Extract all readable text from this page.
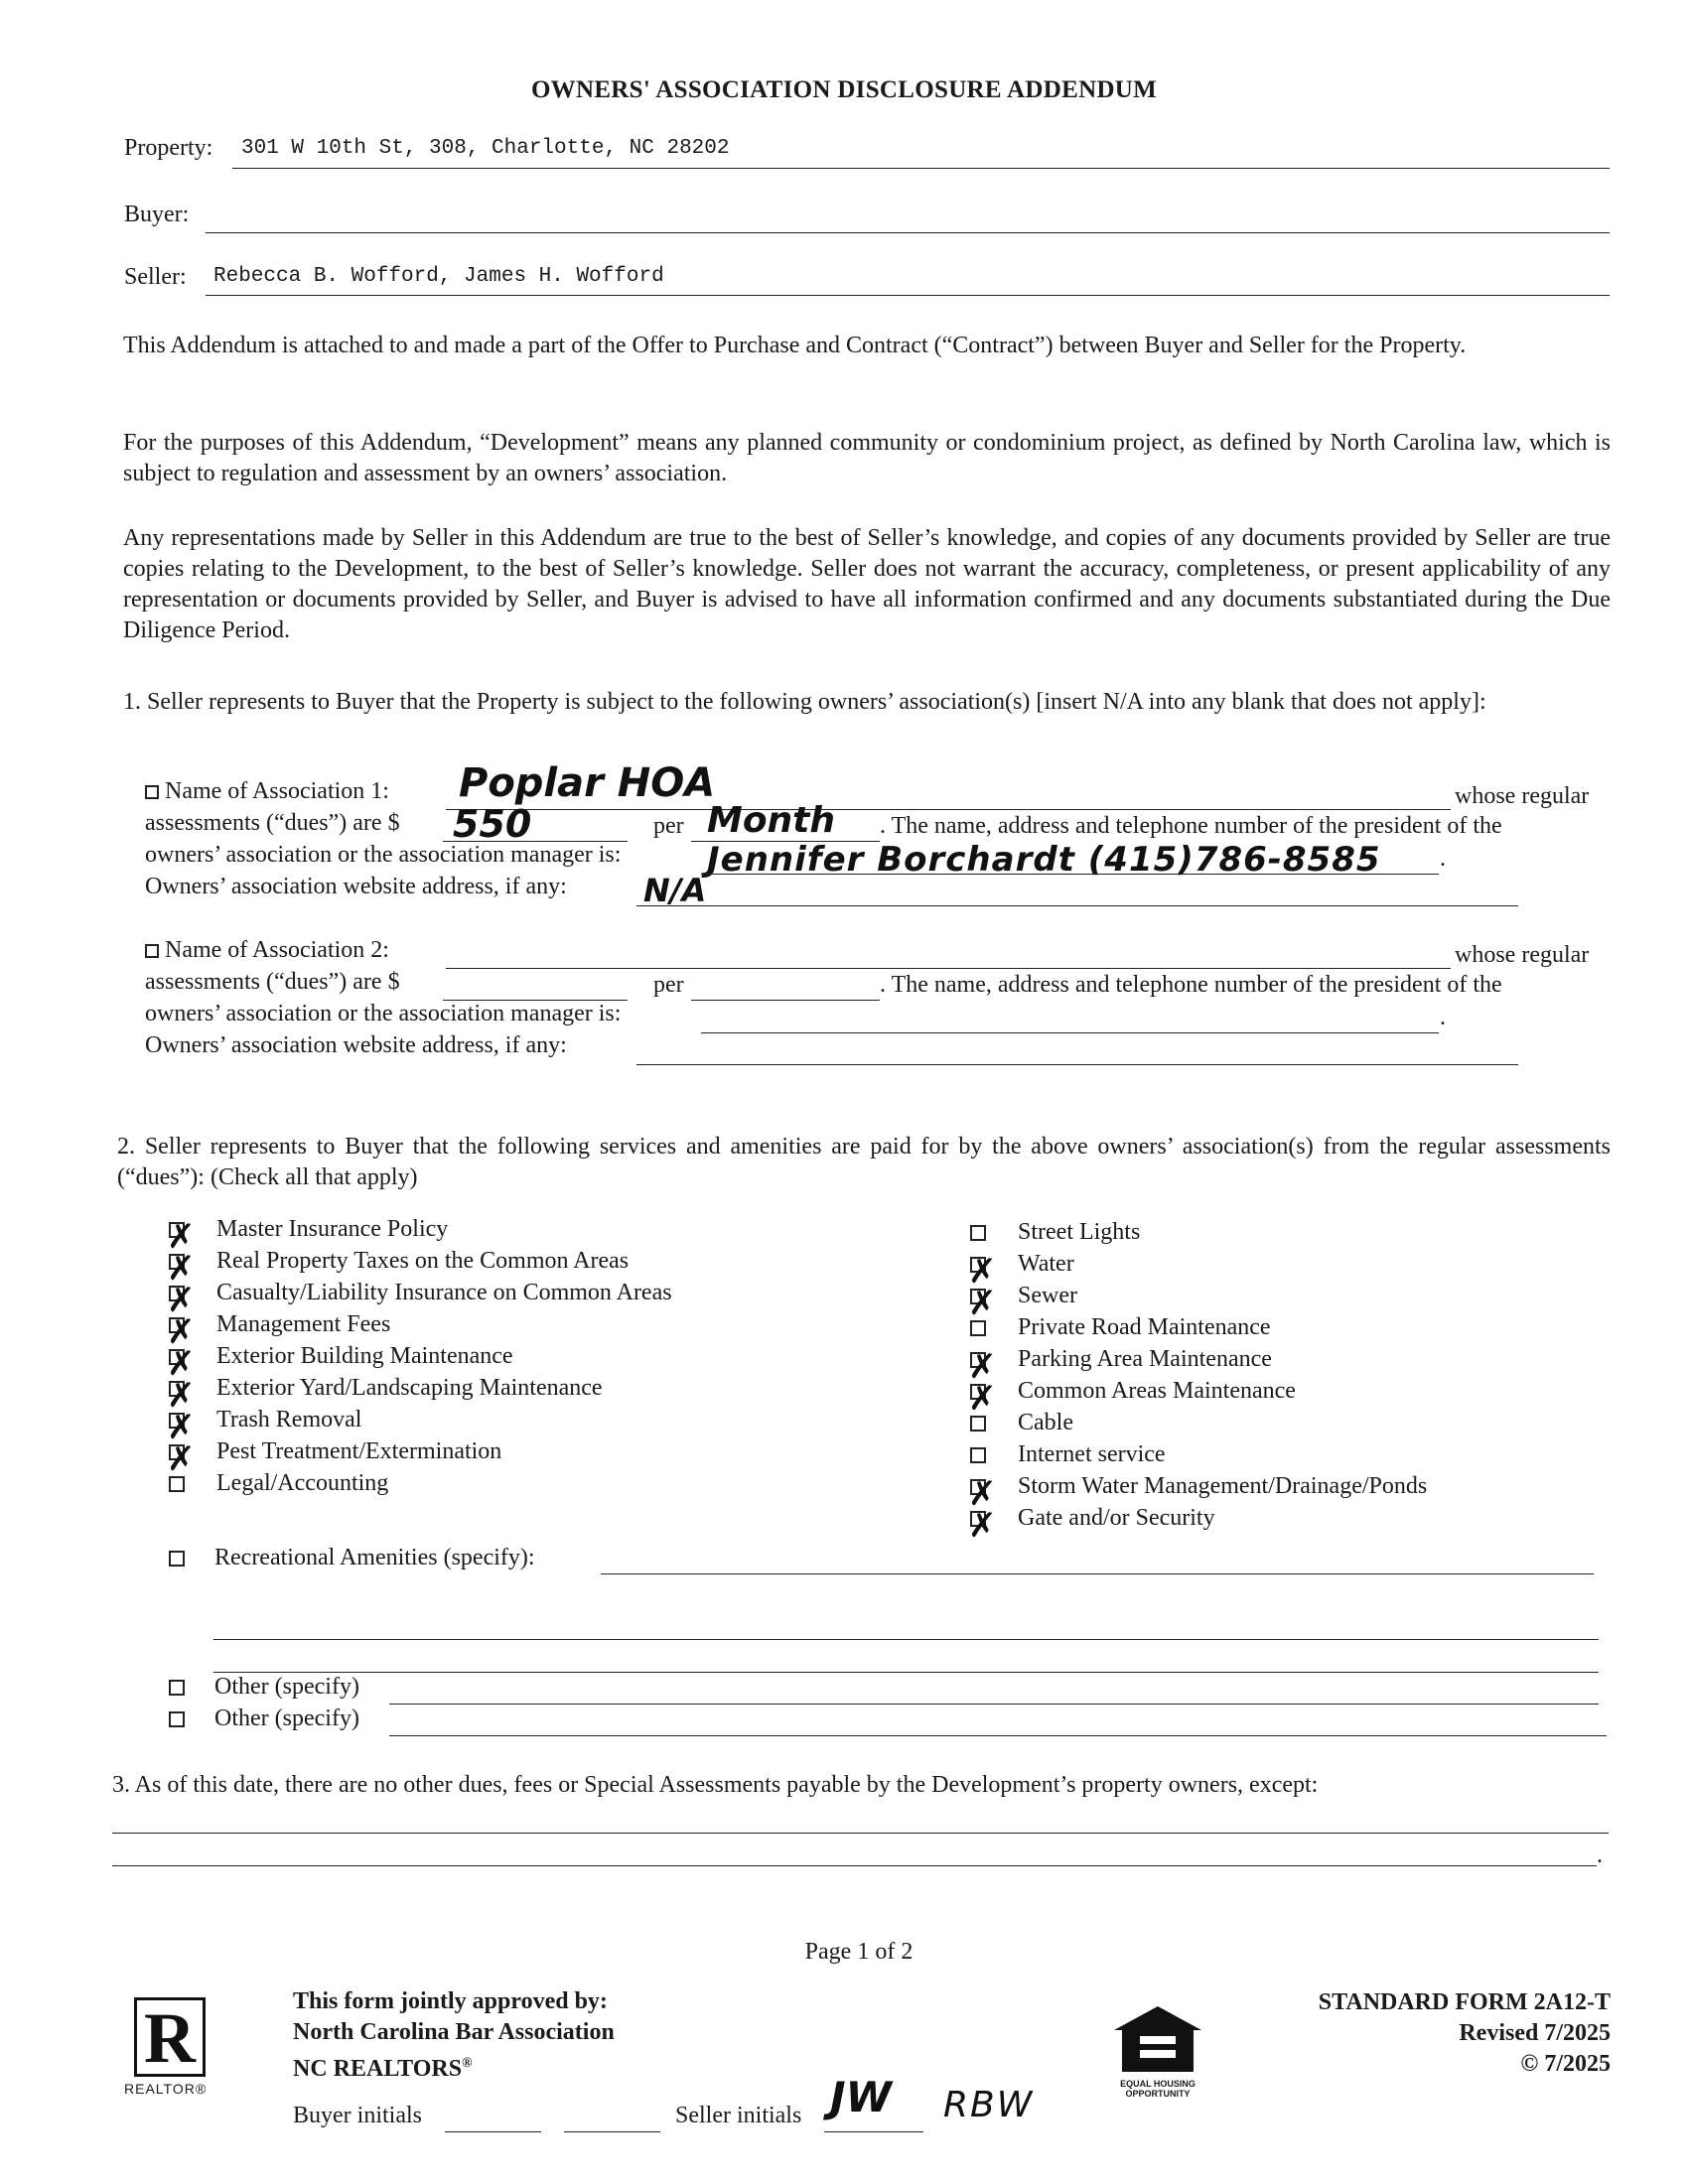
OWNERS' ASSOCIATION DISCLOSURE ADDENDUM
Property: 301 W 10th St, 308, Charlotte, NC 28202
Buyer:
Seller: Rebecca B. Wofford, James H. Wofford
This Addendum is attached to and made a part of the Offer to Purchase and Contract (“Contract”) between Buyer and Seller for the Property.
For the purposes of this Addendum, “Development” means any planned community or condominium project, as defined by North Carolina law, which is subject to regulation and assessment by an owners’ association.
Any representations made by Seller in this Addendum are true to the best of Seller’s knowledge, and copies of any documents provided by Seller are true copies relating to the Development, to the best of Seller’s knowledge. Seller does not warrant the accuracy, completeness, or present applicability of any representation or documents provided by Seller, and Buyer is advised to have all information confirmed and any documents substantiated during the Due Diligence Period.
1. Seller represents to Buyer that the Property is subject to the following owners’ association(s) [insert N/A into any blank that does not apply]:
Name of Association 1: Poplar HOA	whose regular
assessments (“dues”) are $ 550	per Month . The name, address and telephone number of the president of the
owners’ association or the association manager is:	Jennifer Borchardt (415)786-8585 .
Owners’ association website address, if any: N/A
Name of Association 2:	whose regular
assessments (“dues”) are $	per	. The name, address and telephone number of the president of the
owners’ association or the association manager is:	.
Owners’ association website address, if any:
2. Seller represents to Buyer that the following services and amenities are paid for by the above owners’ association(s) from the regular assessments (“dues”): (Check all that apply)
✗ Master Insurance Policy
✗ Real Property Taxes on the Common Areas
✗ Casualty/Liability Insurance on Common Areas
✗ Management Fees
✗ Exterior Building Maintenance
✗ Exterior Yard/Landscaping Maintenance
✗ Trash Removal
✗ Pest Treatment/Extermination
Legal/Accounting
Street Lights
✗ Water
✗ Sewer
Private Road Maintenance
✗ Parking Area Maintenance
✗ Common Areas Maintenance
Cable
Internet service
✗ Storm Water Management/Drainage/Ponds
✗ Gate and/or Security
Recreational Amenities (specify):
Other (specify)
Other (specify)
3. As of this date, there are no other dues, fees or Special Assessments payable by the Development’s property owners, except:
.
Page 1 of 2
R
REALTOR®
This form jointly approved by:
North Carolina Bar Association
NC REALTORS®
EQUAL HOUSING
OPPORTUNITY
STANDARD FORM 2A12-T
Revised 7/2025
© 7/2025
Buyer initials	Seller initials JW RBW
